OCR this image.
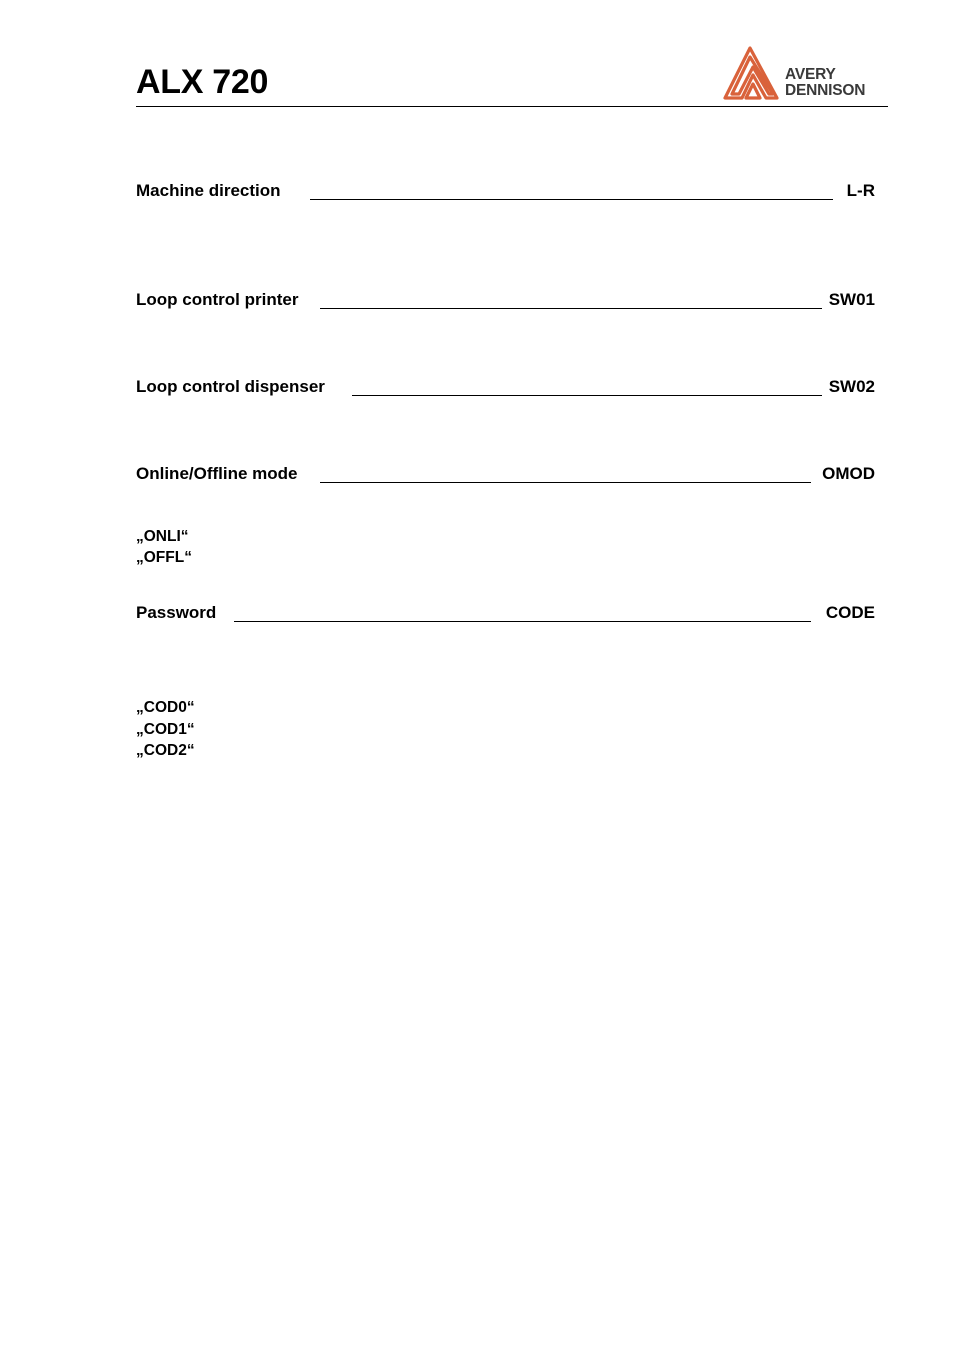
ALX 720	AVERY
DENNISON
Machine direction	L-R
Loop control printer	SW01
Loop control dispenser	SW02
Online/Offline mode	OMOD
„ONLI“
„OFFL“
Password	CODE
„COD0“
„COD1“
„COD2“
